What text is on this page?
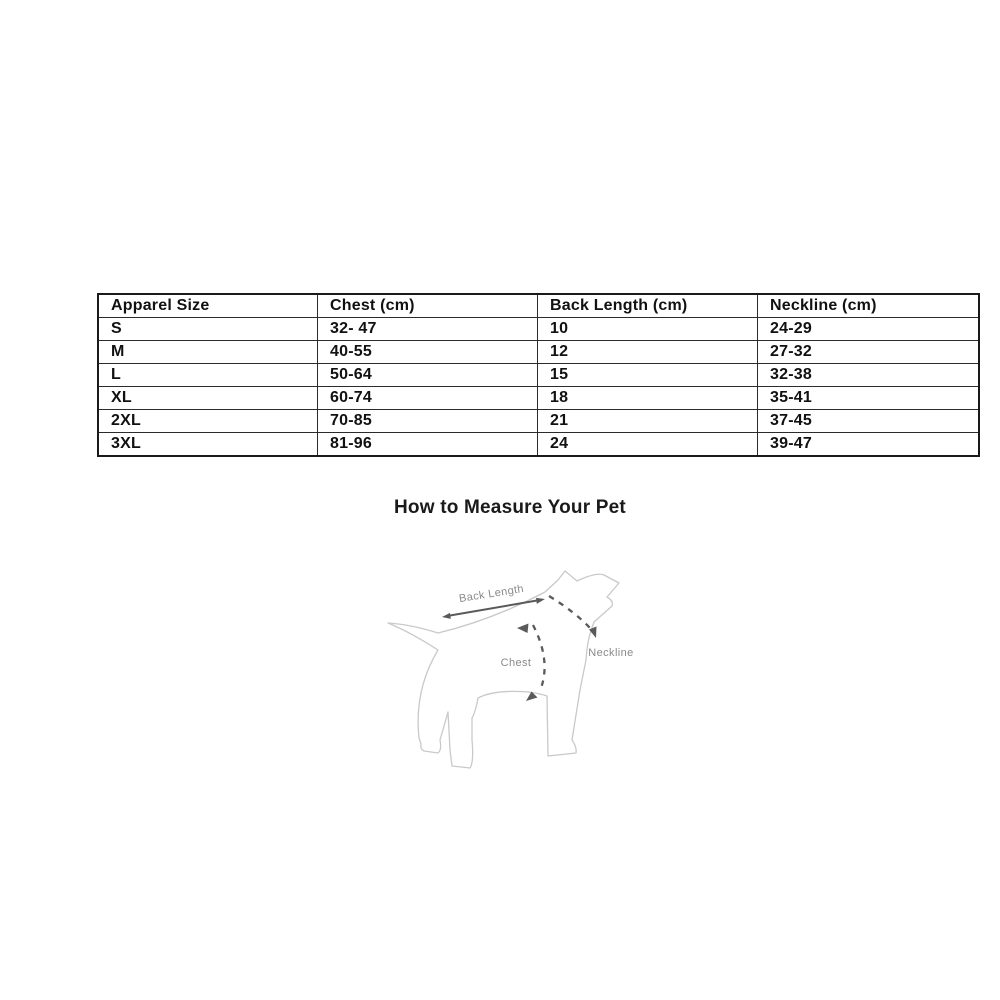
Apparel Size	Chest (cm)	Back Length (cm)	Neckline (cm)
S	32- 47	10	24-29
M	40-55	12	27-32
L	50-64	15	32-38
XL	60-74	18	35-41
2XL	70-85	21	37-45
3XL	81-96	24	39-47
How to Measure Your Pet
Back Length
Chest
Neckline
